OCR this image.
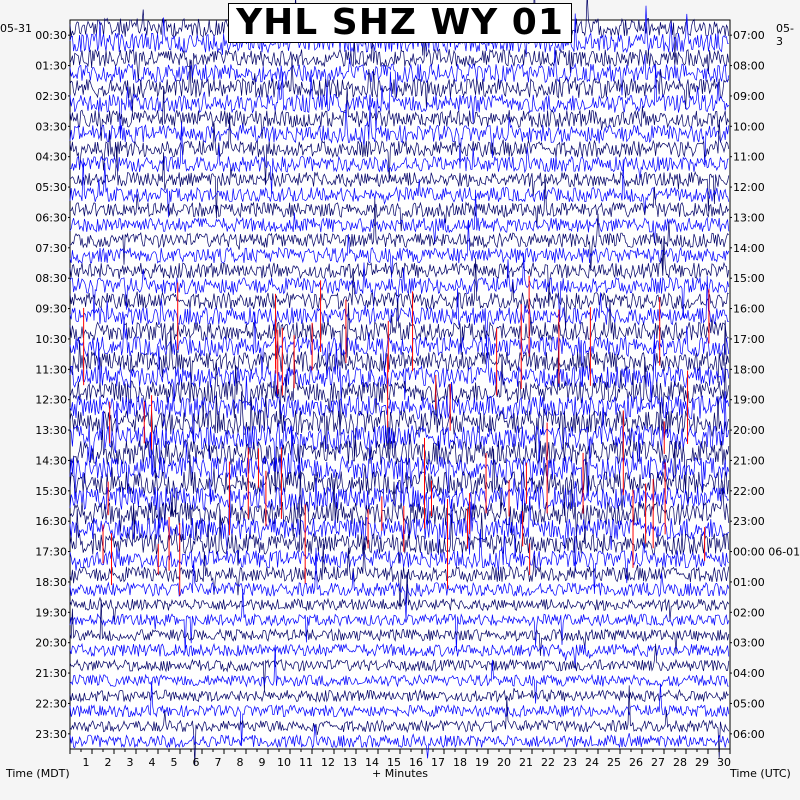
00:30
01:30
02:30
03:30
04:30
05:30
06:30
07:30
08:30
09:30
10:30
11:30
12:30
13:30
14:30
15:30
16:30
17:30
18:30
19:30
20:30
21:30
22:30
23:30
07:00
08:00
09:00
10:00
11:00
12:00
13:00
14:00
15:00
16:00
17:00
18:00
19:00
20:00
21:00
22:00
23:00
00:00 06-01
01:00
02:00
03:00
04:00
05:00
06:00
1 2 3 4 5 6 7 8 9 10 11 12 13 14 15 16 17 18 19 20 21 22 23 24 25 26 27 28 29 30
YHL SHZ WY 01
05-31	05-3
Time (MDT)	+ Minutes	Time (UTC)
